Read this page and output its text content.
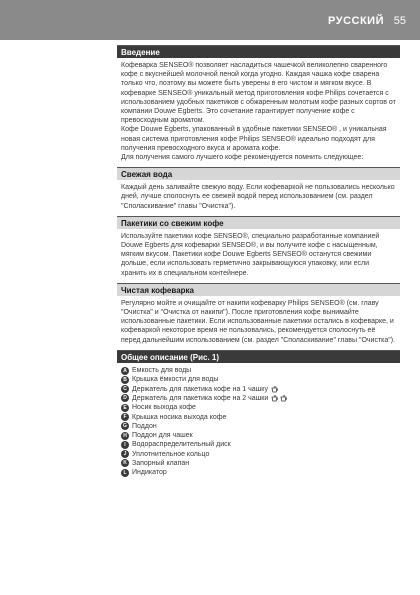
РУССКИЙ 55
Введение

Кофеварка SENSEO® позволяет насладиться чашечкой великолепно сваренного кофе с вкуснейшей молочной пеной когда угодно. Каждая чашка кофе сварена только что, поэтому вы можете быть уверены в его чистом и мягком вкусе. В кофеварке SENSEO® уникальный метод приготовления кофе Philips сочетается с использованием удобных пакетиков с обжаренным молотым кофе разных сортов от компании Douwe Egberts. Это сочетание гарантирует получение кофе с превосходным ароматом.

Кофе Douwe Egberts, упакованный в удобные пакетики SENSEO® , и уникальная новая система приготовления кофе Philips SENSEO® идеально подходят для получения превосходного вкуса и аромата кофе.

Для получения самого лучшего кофе рекомендуется помнить следующее:

Свежая вода
Каждый день заливайте свежую воду. Если кофеваркой не пользовались несколько дней, лучше сполоснуть ее свежей водой перед использованием (см. раздел "Споласкивание" главы "Очистка").
Пакетики со свежим кофе
Используйте пакетики кофе SENSEO®, специально разработанные компанией Douwe Egberts для кофеварки SENSEO®, и вы получите кофе с насыщенным, мягким вкусом. Пакетики кофе Douwe Egberts SENSEO® останутся свежими дольше, если использовать герметично закрывающуюся упаковку, или если хранить их в специальном контейнере.
Чистая кофеварка
Регулярно мойте и очищайте от накипи кофеварку Philips SENSEO® (см. главу "Очистка" и "Очистка от накипи"). После приготовления кофе вынимайте использованные пакетики. Если использованные пакетики остались в кофеварке, и кофеваркой некоторое время не пользовались, рекомендуется сполоснуть её перед дальнейшим использованием (см. раздел "Споласкивание" главы "Очистка").
Общее описание (Рис. 1)
A Емкость для воды
B Крышка ёмкости для воды
C Держатель для пакетика кофе на 1 чашку
D Держатель для пакетика кофе на 2 чашки
E Носик выхода кофе
F Крышка носика выхода кофе
G Поддон
H Поддон для чашек
I Водораспределительный диск
J Уплотнительное кольцо
K Запорный клапан
L Индикатор
